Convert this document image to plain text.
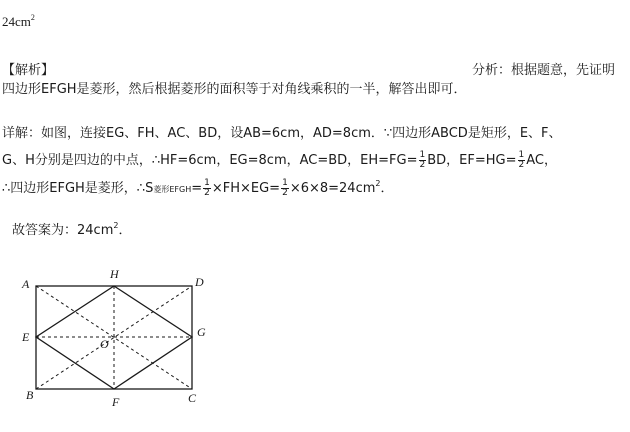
$24cm^2$
【解析】	分析：根据题意，先证明
四边形EFGH是菱形，然后根据菱形的面积等于对角线乘积的一半，解答出即可．
详解：如图，连接EG、FH、AC、BD，设AB=6cm，AD=8cm．∵四边形ABCD是矩形，E、F、
G、H分别是四边的中点，∴HF=6cm，EG=8cm，AC=BD，$EH=FG= \frac{1}{2}$ BD，$EF=HG= \frac{1}{2}$ AC，
∴四边形EFGH是菱形，∴S菱形EFGH= $\frac{1}{2} \times FH\times EG= \frac{1}{2} \times 6\times 8=24cm^2$．
故答案为：$24cm^2$．
A
H
D
E	G
O
B	F	C
